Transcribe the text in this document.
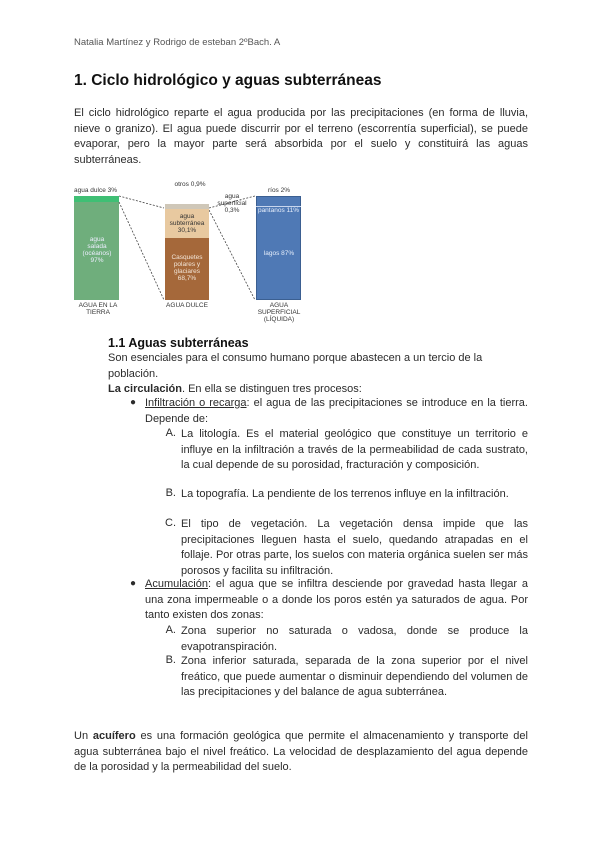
Natalia Martínez y Rodrigo de esteban 2ºBach. A
1. Ciclo hidrológico y aguas subterráneas
El ciclo hidrológico reparte el agua producida por las precipitaciones (en forma de lluvia, nieve o granizo). El agua puede discurrir por el terreno (escorrentía superficial), se puede evaporar, pero la mayor parte será absorbida por el suelo y constituirá las aguas subterráneas.
agua dulce 3%
agua salada (océanos) 97%
AGUA EN LA TIERRA
otros 0,9%
agua subterránea 30,1%
Casquetes polares y glaciares 68,7%
agua superficial 0,3%
AGUA DULCE
ríos 2%
pantanos 11%
lagos 87%
AGUA SUPERFICIAL (LÍQUIDA)
1.1 Aguas subterráneas
Son esenciales para el consumo humano porque abastecen a un tercio de la población.
La circulación. En ella se distinguen tres procesos:
● Infiltración o recarga: el agua de las precipitaciones se introduce en la tierra. Depende de:
A. La litología. Es el material geológico que constituye un territorio e influye en la infiltración a través de la permeabilidad de cada sustrato, la cual depende de su porosidad, fracturación y composición.
B. La topografía. La pendiente de los terrenos influye en la infiltración.
C. El tipo de vegetación. La vegetación densa impide que las precipitaciones lleguen hasta el suelo, quedando atrapadas en el follaje. Por otras parte, los suelos con materia orgánica suelen ser más porosos y facilita su infiltración.
● Acumulación: el agua que se infiltra desciende por gravedad hasta llegar a una zona impermeable o a donde los poros estén ya saturados de agua. Por tanto existen dos zonas:
A. Zona superior no saturada o vadosa, donde se produce la evapotranspiración.
B. Zona inferior saturada, separada de la zona superior por el nivel freático, que puede aumentar o disminuir dependiendo del volumen de las precipitaciones y del balance de agua subterránea.
Un acuífero es una formación geológica que permite el almacenamiento y transporte del agua subterránea bajo el nivel freático. La velocidad de desplazamiento del agua depende de la porosidad y la permeabilidad del suelo.
